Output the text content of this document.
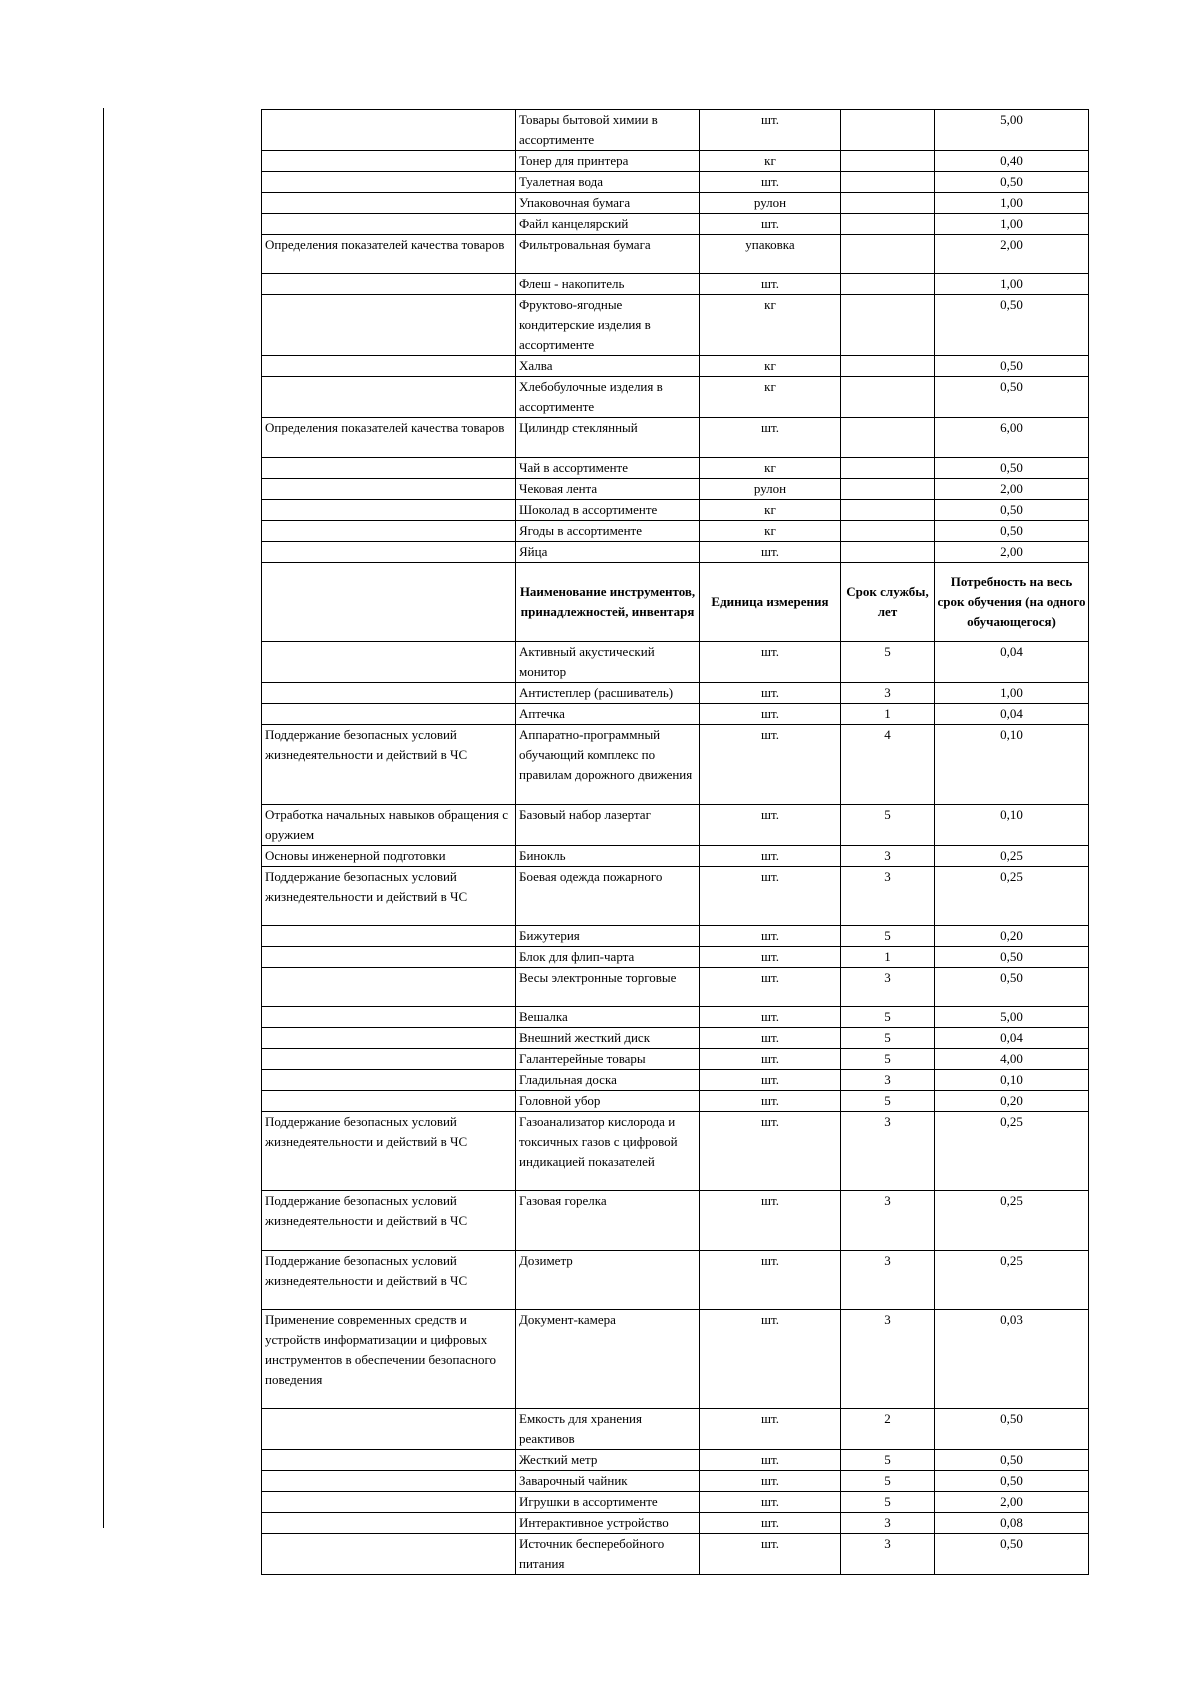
	Товары бытовой химии в ассортименте	шт.		5,00
	Тонер для принтера	кг		0,40
	Туалетная вода	шт.		0,50
	Упаковочная бумага	рулон		1,00
	Файл канцелярский	шт.		1,00
Определения показателей качества товаров	Фильтровальная бумага	упаковка		2,00
	Флеш - накопитель	шт.		1,00
	Фруктово-ягодные кондитерские изделия в ассортименте	кг		0,50
	Халва	кг		0,50
	Хлебобулочные изделия в ассортименте	кг		0,50
Определения показателей качества товаров	Цилиндр стеклянный	шт.		6,00
	Чай в ассортименте	кг		0,50
	Чековая лента	рулон		2,00
	Шоколад в ассортименте	кг		0,50
	Ягоды в ассортименте	кг		0,50
	Яйца	шт.		2,00
	Наименование инструментов, принадлежностей, инвентаря	Единица измерения	Срок службы, лет	Потребность на весь срок обучения (на одного обучающегося)
	Активный акустический монитор	шт.	5	0,04
	Антистеплер (расшиватель)	шт.	3	1,00
	Аптечка	шт.	1	0,04
Поддержание безопасных условий жизнедеятельности и действий в ЧС	Аппаратно-программный обучающий комплекс по правилам дорожного движения	шт.	4	0,10
Отработка начальных навыков обращения с оружием	Базовый набор лазертаг	шт.	5	0,10
Основы инженерной подготовки	Бинокль	шт.	3	0,25
Поддержание безопасных условий жизнедеятельности и действий в ЧС	Боевая одежда пожарного	шт.	3	0,25
	Бижутерия	шт.	5	0,20
	Блок для флип-чарта	шт.	1	0,50
	Весы электронные торговые	шт.	3	0,50
	Вешалка	шт.	5	5,00
	Внешний жесткий диск	шт.	5	0,04
	Галантерейные товары	шт.	5	4,00
	Гладильная доска	шт.	3	0,10
	Головной убор	шт.	5	0,20
Поддержание безопасных условий жизнедеятельности и действий в ЧС	Газоанализатор кислорода и токсичных газов с цифровой индикацией показателей	шт.	3	0,25
Поддержание безопасных условий жизнедеятельности и действий в ЧС	Газовая горелка	шт.	3	0,25
Поддержание безопасных условий жизнедеятельности и действий в ЧС	Дозиметр	шт.	3	0,25
Применение современных средств и устройств информатизации и цифровых инструментов в обеспечении безопасного поведения	Документ-камера	шт.	3	0,03
	Емкость для хранения реактивов	шт.	2	0,50
	Жесткий метр	шт.	5	0,50
	Заварочный чайник	шт.	5	0,50
	Игрушки в ассортименте	шт.	5	2,00
	Интерактивное устройство	шт.	3	0,08
	Источник бесперебойного питания	шт.	3	0,50
